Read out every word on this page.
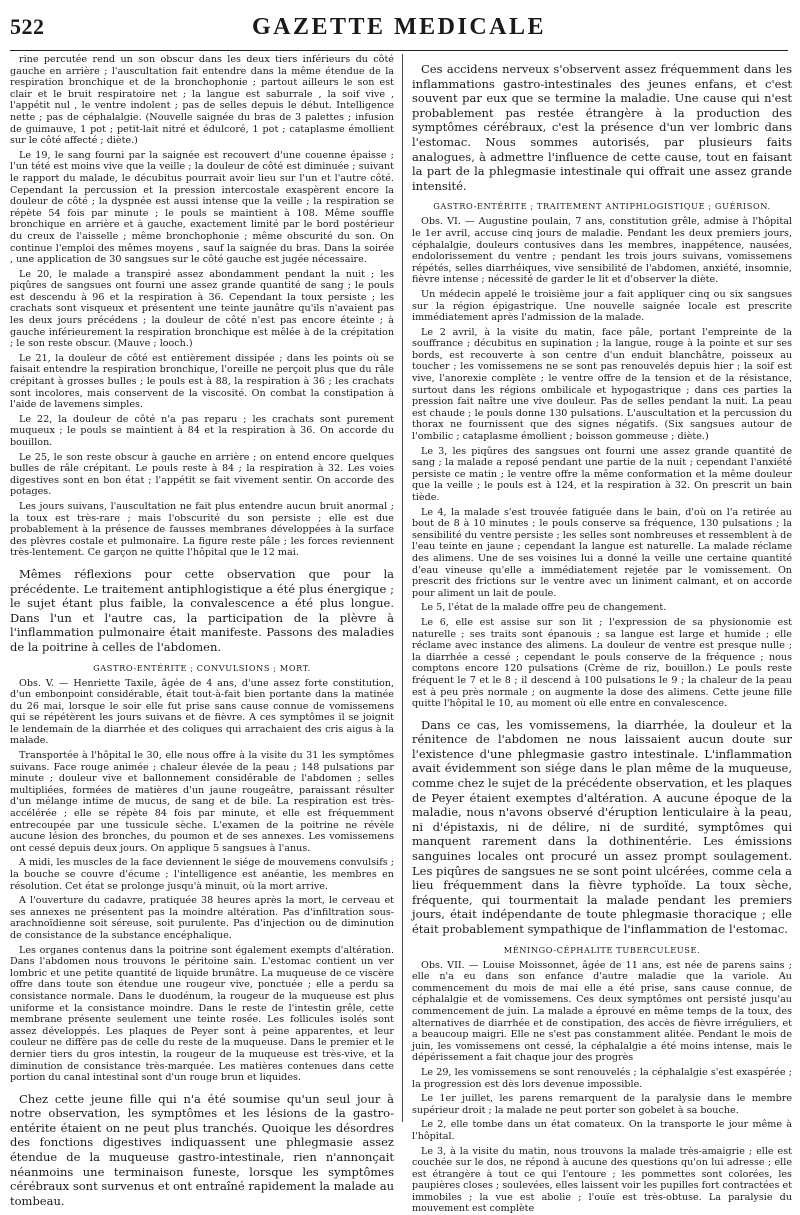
522	GAZETTE MEDICALE

rine percutée rend un son obscur dans les deux tiers inférieurs du côté gauche en arrière ; l'auscultation fait entendre dans la même étendue de la respiration bronchique et de la bronchophonie ; partout ailleurs le son est clair et le bruit respiratoire net ; la langue est saburrale , la soif vive , l'appétit nul , le ventre indolent ; pas de selles depuis le début. Intelligence nette ; pas de céphalalgie. (Nouvelle saignée du bras de 3 palettes ; infusion de guimauve, 1 pot ; petit-lait nitré et édulcoré, 1 pot ; cataplasme émollient sur le côté affecté ; diète.)

Le 19, le sang fourni par la saignée est recouvert d'une couenne épaisse ; l'un tété est moins vive que la veille ; la douleur de côté est diminuée ; suivant le rapport du malade, le décubitus pourrait avoir lieu sur l'un et l'autre côté. Cependant la percussion et la pression intercostale exaspèrent encore la douleur de côté ; la dyspnée est aussi intense que la veille ; la respiration se répète 54 fois par minute ; le pouls se maintient à 108. Même souffle bronchique en arrière et à gauche, exactement limité par le bord postérieur du creux de l'aisselle ; même bronchophonie ; même obscurité du son. On continue l'emploi des mêmes moyens , sauf la saignée du bras. Dans la soirée , une application de 30 sangsues sur le côté gauche est jugée nécessaire.

Le 20, le malade a transpiré assez abondamment pendant la nuit ; les piqûres de sangsues ont fourni une assez grande quantité de sang ; le pouls est descendu à 96 et la respiration à 36. Cependant la toux persiste ; les crachats sont visqueux et présentent une teinte jaunâtre qu'ils n'avaient pas les deux jours précédens ; la douleur de côté n'est pas encore éteinte ; à gauche inférieurement la respiration bronchique est mêlée à de la crépitation ; le son reste obscur. (Mauve ; looch.)

Le 21, la douleur de côté est entièrement dissipée ; dans les points où se faisait entendre la respiration bronchique, l'oreille ne perçoit plus que du râle crépitant à grosses bulles ; le pouls est à 88, la respiration à 36 ; les crachats sont incolores, mais conservent de la viscosité. On combat la constipation à l'aide de lavemens simples.

Le 22, la douleur de côté n'a pas reparu ; les crachats sont purement muqueux ; le pouls se maintient à 84 et la respiration à 36. On accorde du bouillon.

Le 25, le son reste obscur à gauche en arrière ; on entend encore quelques bulles de râle crépitant. Le pouls reste à 84 ; la respiration à 32. Les voies digestives sont en bon état ; l'appétit se fait vivement sentir. On accorde des potages.

Les jours suivans, l'auscultation ne fait plus entendre aucun bruit anormal ; la toux est très-rare ; mais l'obscurité du son persiste ; elle est due probablement à la présence de fausses membranes développées à la surface des plèvres costale et pulmonaire. La figure reste pâle ; les forces reviennent très-lentement. Ce garçon ne quitte l'hôpital que le 12 mai.

Mêmes réflexions pour cette observation que pour la précédente. Le traitement antiphlogistique a été plus énergique ; le sujet étant plus faible, la convalescence a été plus longue. Dans l'un et l'autre cas, la participation de la plèvre à l'inflammation pulmonaire était manifeste. Passons des maladies de la poitrine à celles de l'abdomen.

GASTRO-ENTÉRITE ; CONVULSIONS ; MORT.

Obs. V. — Henriette Taxile, âgée de 4 ans, d'une assez forte constitution, d'un embonpoint considérable, était tout-à-fait bien portante dans la matinée du 26 mai, lorsque le soir elle fut prise sans cause connue de vomissemens qui se répétèrent les jours suivans et de fièvre. A ces symptômes il se joignit le lendemain de la diarrhée et des coliques qui arrachaient des cris aigus à la malade.

Transportée à l'hôpital le 30, elle nous offre à la visite du 31 les symptômes suivans. Face rouge animée ; chaleur élevée de la peau ; 148 pulsations par minute ; douleur vive et ballonnement considérable de l'abdomen ; selles multipliées, formées de matières d'un jaune rougeâtre, paraissant résulter d'un mélange intime de mucus, de sang et de bile. La respiration est très-accélérée ; elle se répète 84 fois par minute, et elle est fréquemment entrecoupée par une tussicule sèche. L'examen de la poitrine ne révèle aucune lésion des bronches, du poumon et de ses annexes. Les vomissemens ont cessé depuis deux jours. On applique 5 sangsues à l'anus.

A midi, les muscles de la face deviennent le siége de mouvemens convulsifs ; la bouche se couvre d'écume ; l'intelligence est anéantie, les membres en résolution. Cet état se prolonge jusqu'à minuit, où la mort arrive.

A l'ouverture du cadavre, pratiquée 38 heures après la mort, le cerveau et ses annexes ne présentent pas la moindre altération. Pas d'infiltration sous-arachnoïdienne soit séreuse, soit purulente. Pas d'injection ou de diminution de consistance de la substance encéphalique.

Les organes contenus dans la poitrine sont également exempts d'altération. Dans l'abdomen nous trouvons le péritoine sain. L'estomac contient un ver lombric et une petite quantité de liquide brunâtre. La muqueuse de ce viscère offre dans toute son étendue une rougeur vive, ponctuée ; elle a perdu sa consistance normale. Dans le duodénum, la rougeur de la muqueuse est plus uniforme et la consistance moindre. Dans le reste de l'intestin grêle, cette membrane présente seulement une teinte rosée. Les follicules isolés sont assez développés. Les plaques de Peyer sont à peine apparentes, et leur couleur ne diffère pas de celle du reste de la muqueuse. Dans le premier et le dernier tiers du gros intestin, la rougeur de la muqueuse est très-vive, et la diminution de consistance très-marquée. Les matières contenues dans cette portion du canal intestinal sont d'un rouge brun et liquides.

Chez cette jeune fille qui n'a été soumise qu'un seul jour à notre observation, les symptômes et les lésions de la gastro-entérite étaient on ne peut plus tranchés. Quoique les désordres des fonctions digestives indiquassent une phlegmasie assez étendue de la muqueuse gastro-intestinale, rien n'annonçait néanmoins une terminaison funeste, lorsque les symptômes cérébraux sont survenus et ont entraîné rapidement la malade au tombeau.

Ces accidens nerveux s'observent assez fréquemment dans les inflammations gastro-intestinales des jeunes enfans, et c'est souvent par eux que se termine la maladie. Une cause qui n'est probablement pas restée étrangère à la production des symptômes cérébraux, c'est la présence d'un ver lombric dans l'estomac. Nous sommes autorisés, par plusieurs faits analogues, à admettre l'influence de cette cause, tout en faisant la part de la phlegmasie intestinale qui offrait une assez grande intensité.

GASTRO-ENTÉRITE ; TRAITEMENT ANTIPHLOGISTIQUE ; GUÉRISON.

Obs. VI. — Augustine poulain, 7 ans, constitution grêle, admise à l'hôpital le 1er avril, accuse cinq jours de maladie. Pendant les deux premiers jours, céphalalgie, douleurs contusives dans les membres, inappétence, nausées, endolorissement du ventre ; pendant les trois jours suivans, vomissemens répétés, selles diarrhéiques, vive sensibilité de l'abdomen, anxiété, insomnie, fièvre intense ; nécessité de garder le lit et d'observer la diète.

Un médecin appelé le troisième jour a fait appliquer cinq ou six sangsues sur la région épigastrique. Une nouvelle saignée locale est prescrite immédiatement après l'admission de la malade.

Le 2 avril, à la visite du matin, face pâle, portant l'empreinte de la souffrance ; décubitus en supination ; la langue, rouge à la pointe et sur ses bords, est recouverte à son centre d'un enduit blanchâtre, poisseux au toucher ; les vomissemens ne se sont pas renouvelés depuis hier ; la soif est vive, l'anorexie complète ; le ventre offre de la tension et de la résistance, surtout dans les régions ombilicale et hypogastrique ; dans ces parties la pression fait naître une vive douleur. Pas de selles pendant la nuit. La peau est chaude ; le pouls donne 130 pulsations. L'auscultation et la percussion du thorax ne fournissent que des signes négatifs. (Six sangsues autour de l'ombilic ; cataplasme émollient ; boisson gommeuse ; diète.)

Le 3, les piqûres des sangsues ont fourni une assez grande quantité de sang ; la malade a reposé pendant une partie de la nuit ; cependant l'anxiété persiste ce matin ; le ventre offre la même conformation et la même douleur que la veille ; le pouls est à 124, et la respiration à 32. On prescrit un bain tiède.

Le 4, la malade s'est trouvée fatiguée dans le bain, d'où on l'a retirée au bout de 8 à 10 minutes ; le pouls conserve sa fréquence, 130 pulsations ; la sensibilité du ventre persiste ; les selles sont nombreuses et ressemblent à de l'eau teinte en jaune ; cependant la langue est naturelle. La malade réclame des alimens. Une de ses voisines lui a donné la veille une certaine quantité d'eau vineuse qu'elle a immédiatement rejetée par le vomissement. On prescrit des frictions sur le ventre avec un liniment calmant, et on accorde pour aliment un lait de poule.

Le 5, l'état de la malade offre peu de changement.

Le 6, elle est assise sur son lit ; l'expression de sa physionomie est naturelle ; ses traits sont épanouis ; sa langue est large et humide ; elle réclame avec instance des alimens. La douleur de ventre est presque nulle ; la diarrhée a cessé ; cependant le pouls conserve de la fréquence ; nous comptons encore 120 pulsations (Crème de riz, bouillon.) Le pouls reste fréquent le 7 et le 8 ; il descend à 100 pulsations le 9 ; la chaleur de la peau est à peu près normale ; on augmente la dose des alimens. Cette jeune fille quitte l'hôpital le 10, au moment où elle entre en convalescence.

Dans ce cas, les vomissemens, la diarrhée, la douleur et la rénitence de l'abdomen ne nous laissaient aucun doute sur l'existence d'une phlegmasie gastro intestinale. L'inflammation avait évidemment son siége dans le plan même de la muqueuse, comme chez le sujet de la précédente observation, et les plaques de Peyer étaient exemptes d'altération. A aucune époque de la maladie, nous n'avons observé d'éruption lenticulaire à la peau, ni d'épistaxis, ni de délire, ni de surdité, symptômes qui manquent rarement dans la dothinentérie. Les émissions sanguines locales ont procuré un assez prompt soulagement. Les piqûres de sangsues ne se sont point ulcérées, comme cela a lieu fréquemment dans la fièvre typhoïde. La toux sèche, fréquente, qui tourmentait la malade pendant les premiers jours, était indépendante de toute phlegmasie thoracique ; elle était probablement sympathique de l'inflammation de l'estomac.

MÉNINGO-CÉPHALITE TUBERCULEUSE.

Obs. VII. — Louise Moissonnet, âgée de 11 ans, est née de parens sains ; elle n'a eu dans son enfance d'autre maladie que la variole. Au commencement du mois de mai elle a été prise, sans cause connue, de céphalalgie et de vomissemens. Ces deux symptômes ont persisté jusqu'au commencement de juin. La malade a éprouvé en même temps de la toux, des alternatives de diarrhée et de constipation, des accès de fièvre irréguliers, et a beaucoup maigri. Elle ne s'est pas constamment alitée. Pendant le mois de juin, les vomissemens ont cessé, la céphalalgie a été moins intense, mais le dépérissement a fait chaque jour des progrès

Le 29, les vomissemens se sont renouvelés ; la céphalalgie s'est exaspérée ; la progression est dès lors devenue impossible.

Le 1er juillet, les parens remarquent de la paralysie dans le membre supérieur droit ; la malade ne peut porter son gobelet à sa bouche.

Le 2, elle tombe dans un état comateux. On la transporte le jour même à l'hôpital.

Le 3, à la visite du matin, nous trouvons la malade très-amaigrie ; elle est couchée sur le dos, ne répond à aucune des questions qu'on lui adresse ; elle est étrangère à tout ce qui l'entoure ; les pommettes sont colorées, les paupières closes ; soulevées, elles laissent voir les pupilles fort contractées et immobiles ; la vue est abolie ; l'ouïe est très-obtuse. La paralysie du mouvement est complète
